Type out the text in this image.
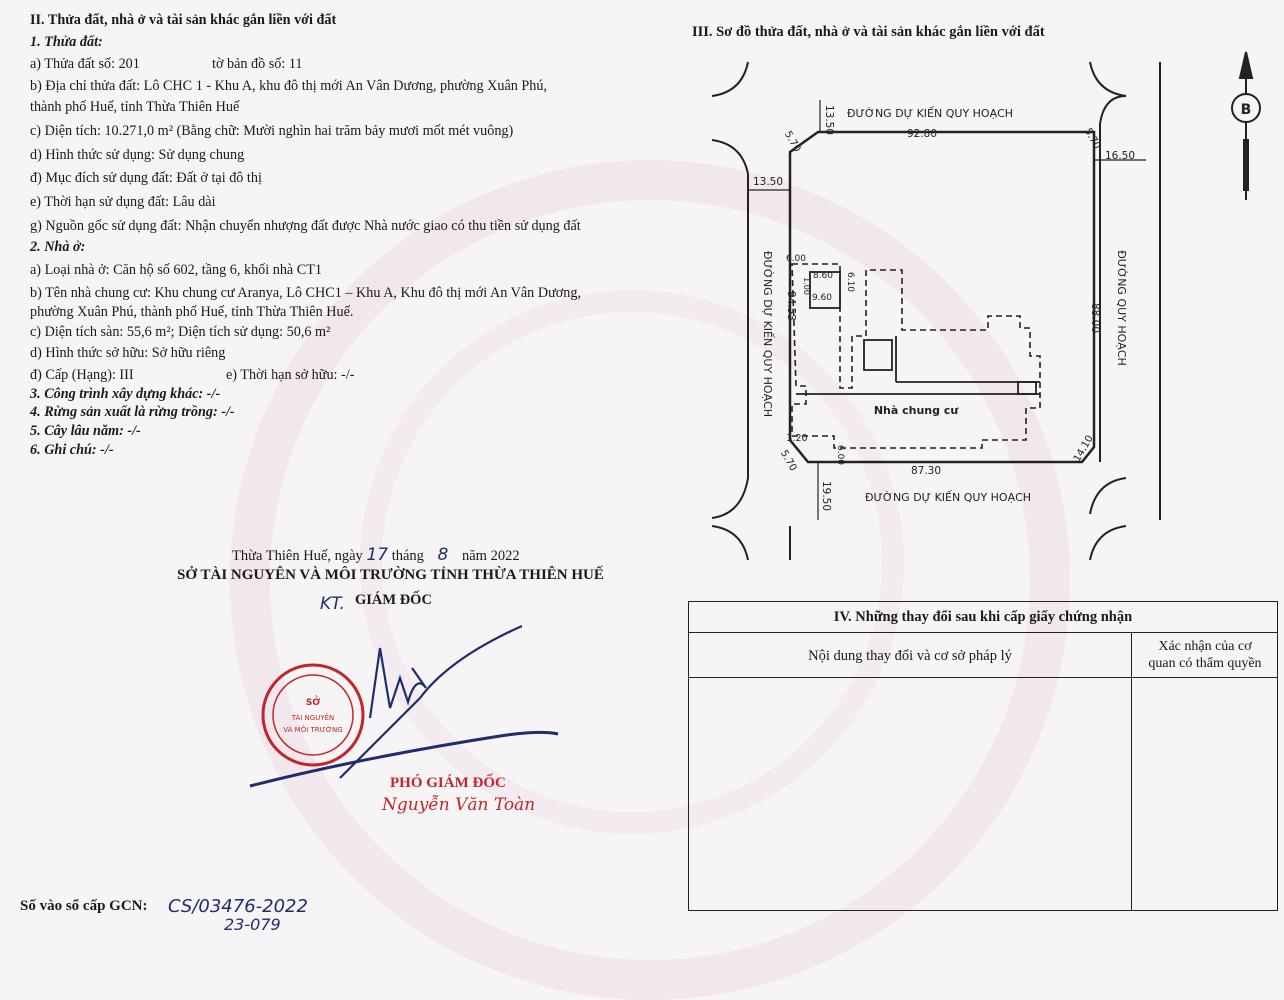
II. Thửa đất, nhà ở và tài sản khác gắn liền với đất
1. Thửa đất:
a) Thửa đất số: 201	tờ bản đồ số: 11
b) Địa chỉ thửa đất: Lô CHC 1 - Khu A, khu đô thị mới An Vân Dương, phường Xuân Phú,
thành phố Huế, tỉnh Thừa Thiên Huế
c) Diện tích: 10.271,0 m² (Bằng chữ: Mười nghìn hai trăm bảy mươi mốt mét vuông)
d) Hình thức sử dụng: Sử dụng chung
đ) Mục đích sử dụng đất: Đất ở tại đô thị
e) Thời hạn sử dụng đất: Lâu dài
g) Nguồn gốc sử dụng đất: Nhận chuyển nhượng đất được Nhà nước giao có thu tiền sử dụng đất
2. Nhà ở:
a) Loại nhà ở: Căn hộ số 602, tầng 6, khối nhà CT1
b) Tên nhà chung cư: Khu chung cư Aranya, Lô CHC1 – Khu A, Khu đô thị mới An Vân Dương,
phường Xuân Phú, thành phố Huế, tỉnh Thừa Thiên Huế.
c) Diện tích sàn: 55,6 m²; Diện tích sử dụng: 50,6 m²
d) Hình thức sở hữu: Sở hữu riêng
đ) Cấp (Hạng): III	e) Thời hạn sở hữu: -/-
3. Công trình xây dựng khác: -/-
4. Rừng sản xuất là rừng trồng: -/-
5. Cây lâu năm: -/-
6. Ghi chú: -/-
III. Sơ đồ thửa đất, nhà ở và tài sản khác gắn liền với đất
B
ĐƯỜNG DỰ KIẾN QUY HOẠCH
ĐƯỜNG DỰ KIẾN QUY HOẠCH
ĐƯỜNG DỰ KIẾN QUY HOẠCH	ĐƯỜNG QUY HOẠCH
Nhà chung cư
92.80
87.30
94.53	88.00
13.50
13.50
16.50
19.50
5.70	5.70
5.70	14.10
8.60 6.10
9.60
6.00
1.00
3.20
6.00
Thừa Thiên Huế, ngày 17 tháng 8 năm 2022
SỞ TÀI NGUYÊN VÀ MÔI TRƯỜNG TỈNH THỪA THIÊN HUẾ
KT. GIÁM ĐỐC
SỞ
TÀI NGUYÊN
VÀ MÔI TRƯỜNG
PHÓ GIÁM ĐỐC
Nguyễn Văn Toàn
Số vào sổ cấp GCN: CS/03476-2022
23-079
IV. Những thay đổi sau khi cấp giấy chứng nhận
Nội dung thay đổi và cơ sở pháp lý
Xác nhận của cơ
quan có thẩm quyền
